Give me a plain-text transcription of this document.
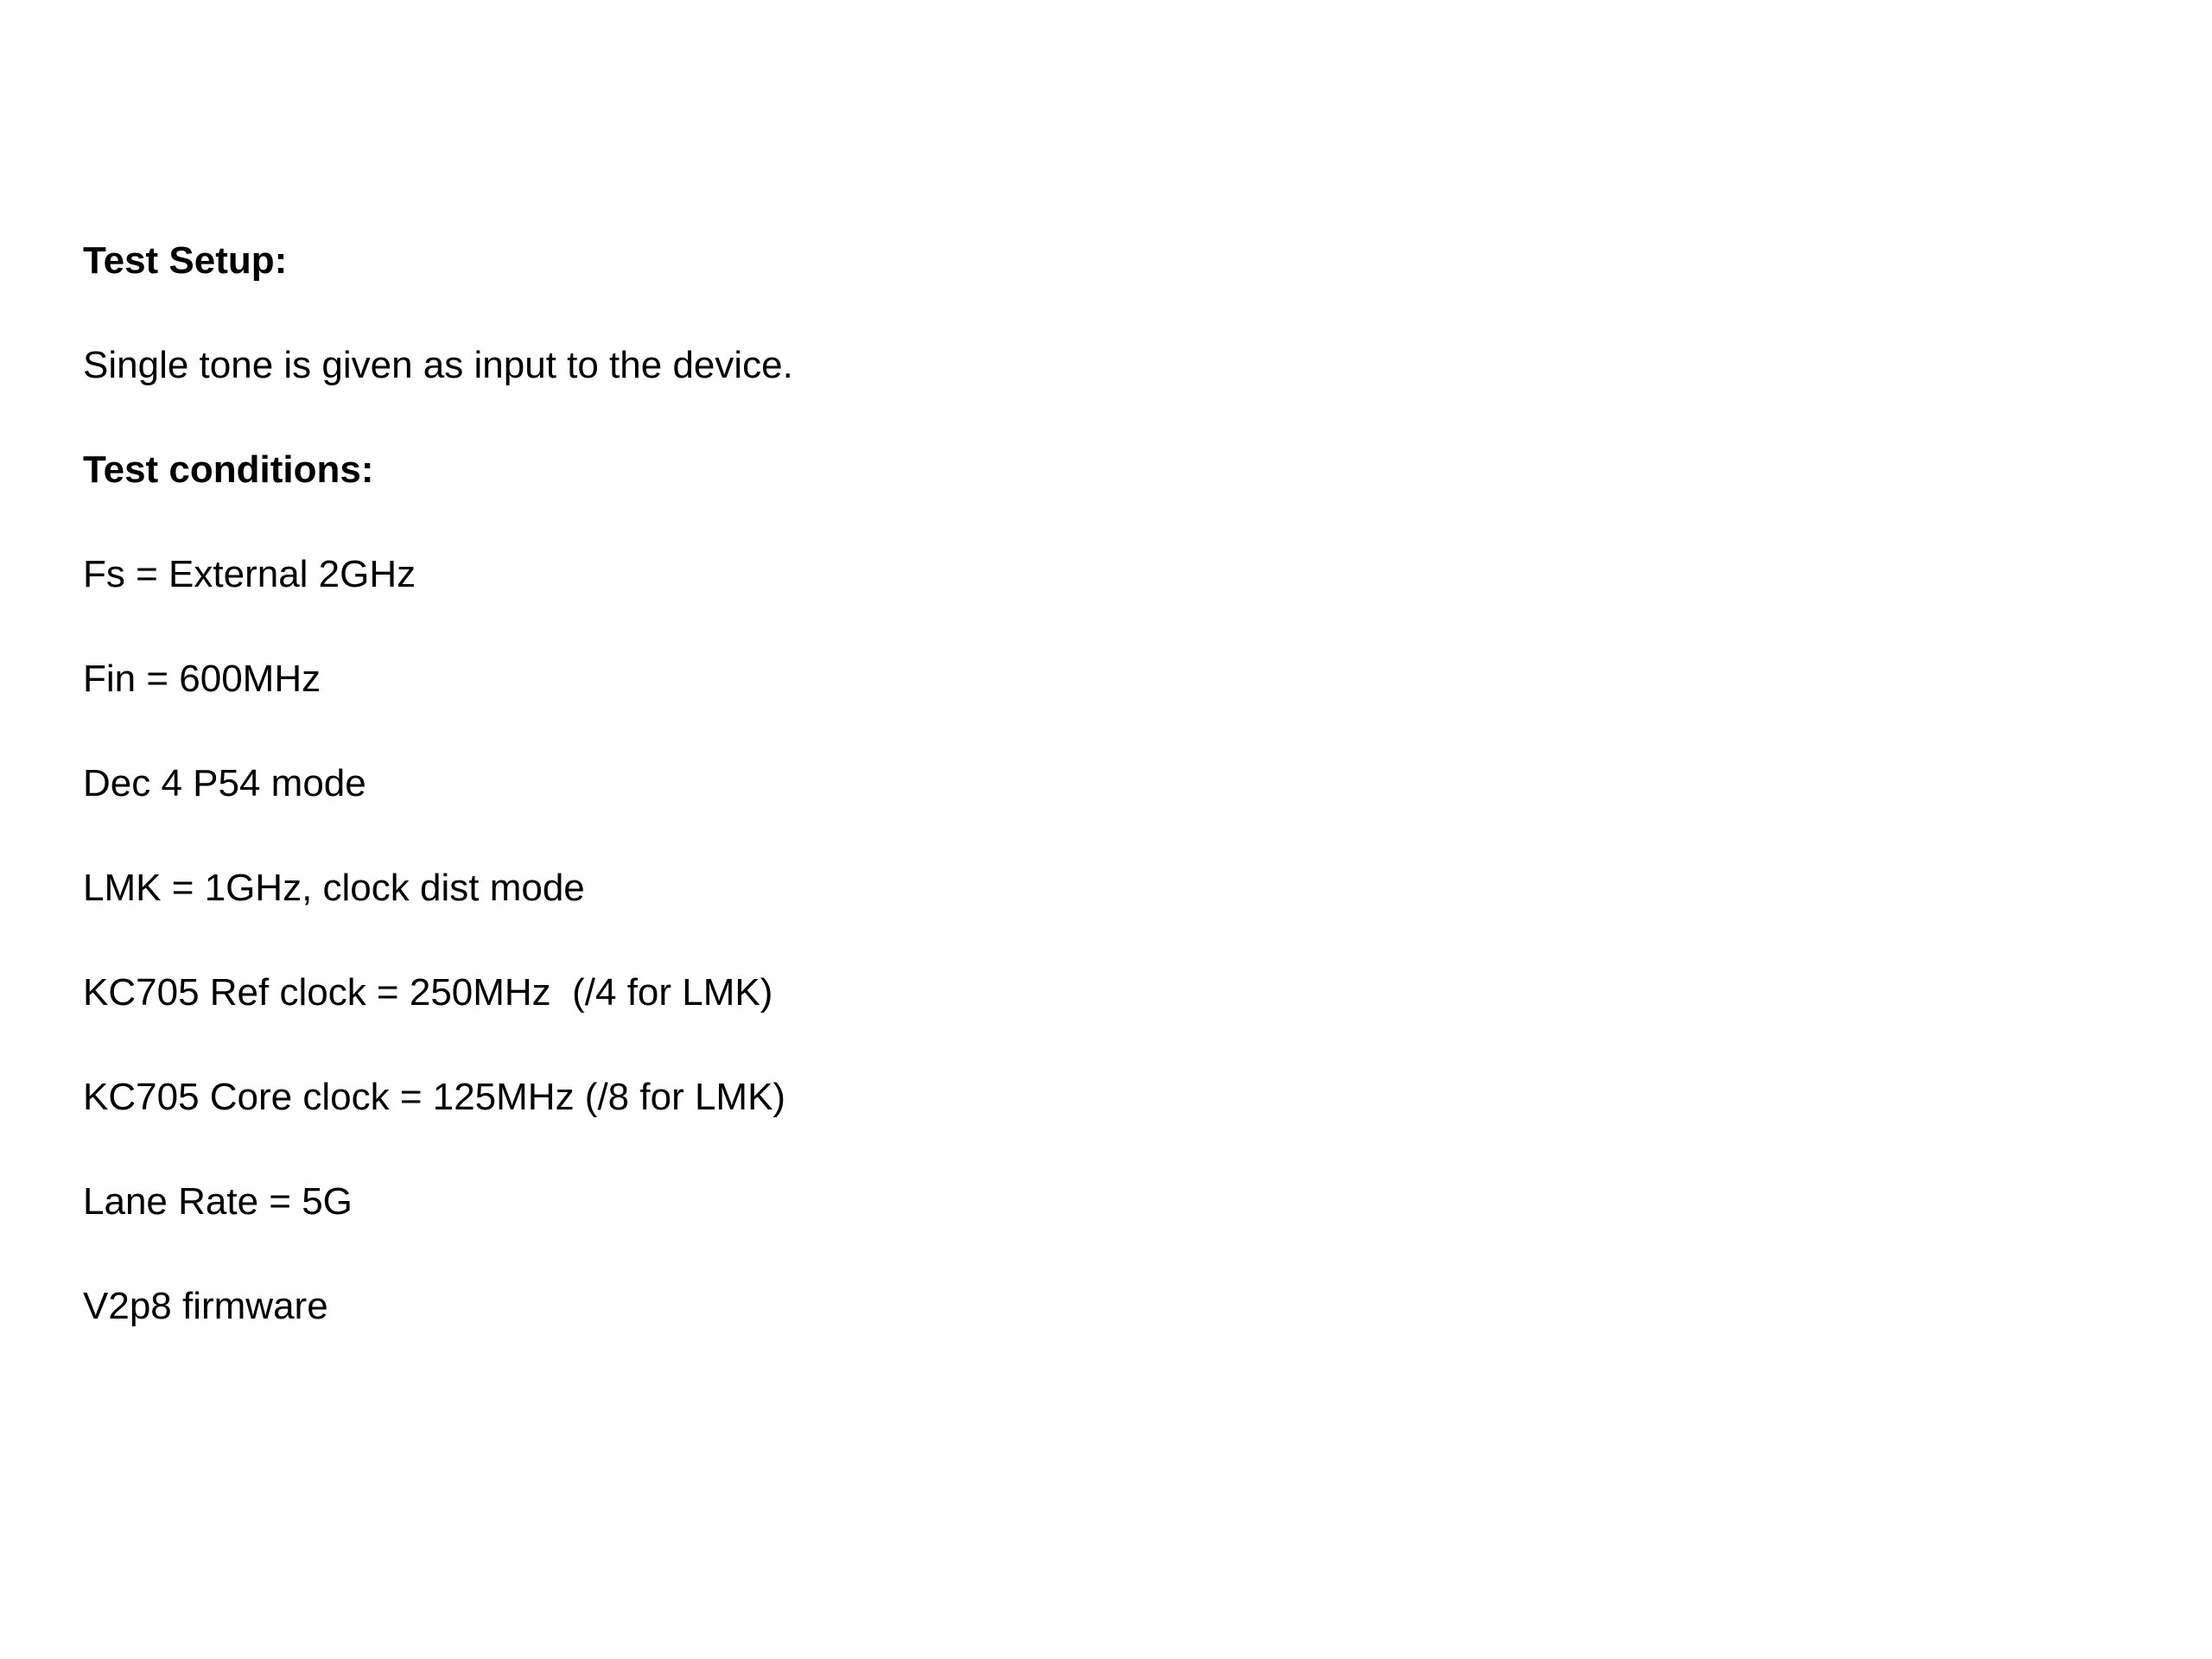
Test Setup:

Single tone is given as input to the device.

Test conditions:

Fs = External 2GHz

Fin = 600MHz

Dec 4 P54 mode

LMK = 1GHz, clock dist mode

KC705 Ref clock = 250MHz  (/4 for LMK)

KC705 Core clock = 125MHz (/8 for LMK)

Lane Rate = 5G

V2p8 firmware
